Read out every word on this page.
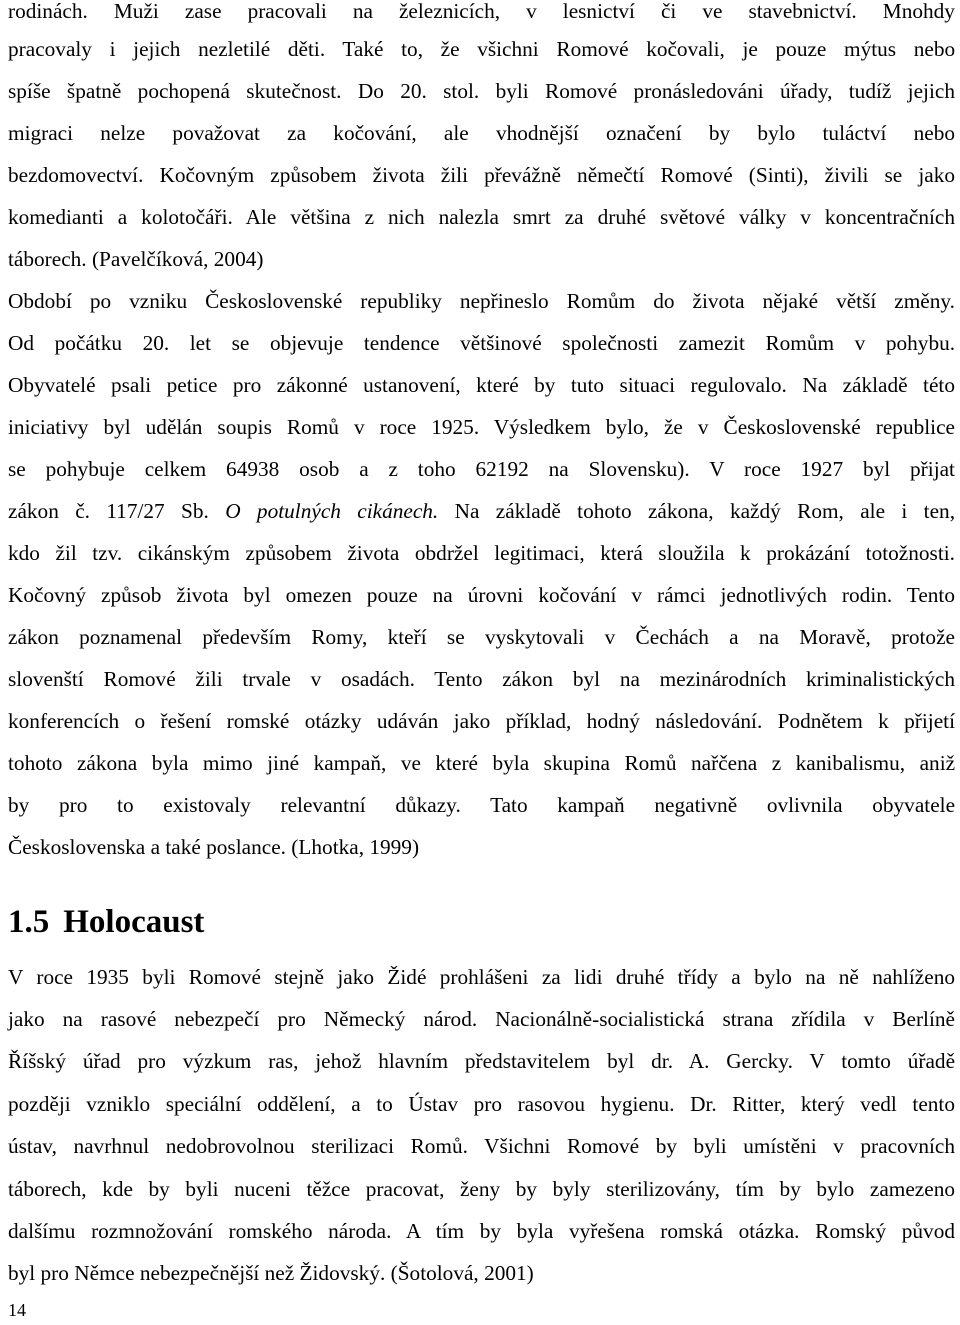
rodinách. Muži zase pracovali na železnicích, v lesnictví či ve stavebnictví. Mnohdy
pracovaly i jejich nezletilé děti. Také to, že všichni Romové kočovali, je pouze mýtus nebo
spíše špatně pochopená skutečnost. Do 20. stol. byli Romové pronásledováni úřady, tudíž jejich
migraci nelze považovat za kočování, ale vhodnější označení by bylo tuláctví nebo
bezdomovectví. Kočovným způsobem života žili převážně němečtí Romové (Sinti), živili se jako
komedianti a kolotočáři. Ale většina z nich nalezla smrt za druhé světové války v koncentračních
táborech. (Pavelčíková, 2004)
Období po vzniku Československé republiky nepřineslo Romům do života nějaké větší změny.
Od počátku 20. let se objevuje tendence většinové společnosti zamezit Romům v pohybu.
Obyvatelé psali petice pro zákonné ustanovení, které by tuto situaci regulovalo. Na základě této
iniciativy byl udělán soupis Romů v roce 1925. Výsledkem bylo, že v Československé republice
se pohybuje celkem 64938 osob a z toho 62192 na Slovensku). V roce 1927 byl přijat
zákon č. 117/27 Sb. O potulných cikánech. Na základě tohoto zákona, každý Rom, ale i ten,
kdo žil tzv. cikánským způsobem života obdržel legitimaci, která sloužila k prokázání totožnosti.
Kočovný způsob života byl omezen pouze na úrovni kočování v rámci jednotlivých rodin. Tento
zákon poznamenal především Romy, kteří se vyskytovali v Čechách a na Moravě, protože
slovenští Romové žili trvale v osadách. Tento zákon byl na mezinárodních kriminalistických
konferencích o řešení romské otázky udáván jako příklad, hodný následování. Podnětem k přijetí
tohoto zákona byla mimo jiné kampaň, ve které byla skupina Romů nařčena z kanibalismu, aniž
by pro to existovaly relevantní důkazy. Tato kampaň negativně ovlivnila obyvatele
Československa a také poslance. (Lhotka, 1999)
1.5 Holocaust
V roce 1935 byli Romové stejně jako Židé prohlášeni za lidi druhé třídy a bylo na ně nahlíženo
jako na rasové nebezpečí pro Německý národ. Nacionálně-socialistická strana zřídila v Berlíně
Říšský úřad pro výzkum ras, jehož hlavním představitelem byl dr. A. Gercky. V tomto úřadě
později vzniklo speciální oddělení, a to Ústav pro rasovou hygienu. Dr. Ritter, který vedl tento
ústav, navrhnul nedobrovolnou sterilizaci Romů. Všichni Romové by byli umístěni v pracovních
táborech, kde by byli nuceni těžce pracovat, ženy by byly sterilizovány, tím by bylo zamezeno
dalšímu rozmnožování romského národa. A tím by byla vyřešena romská otázka. Romský původ
byl pro Němce nebezpečnější než Židovský. (Šotolová, 2001)
14
